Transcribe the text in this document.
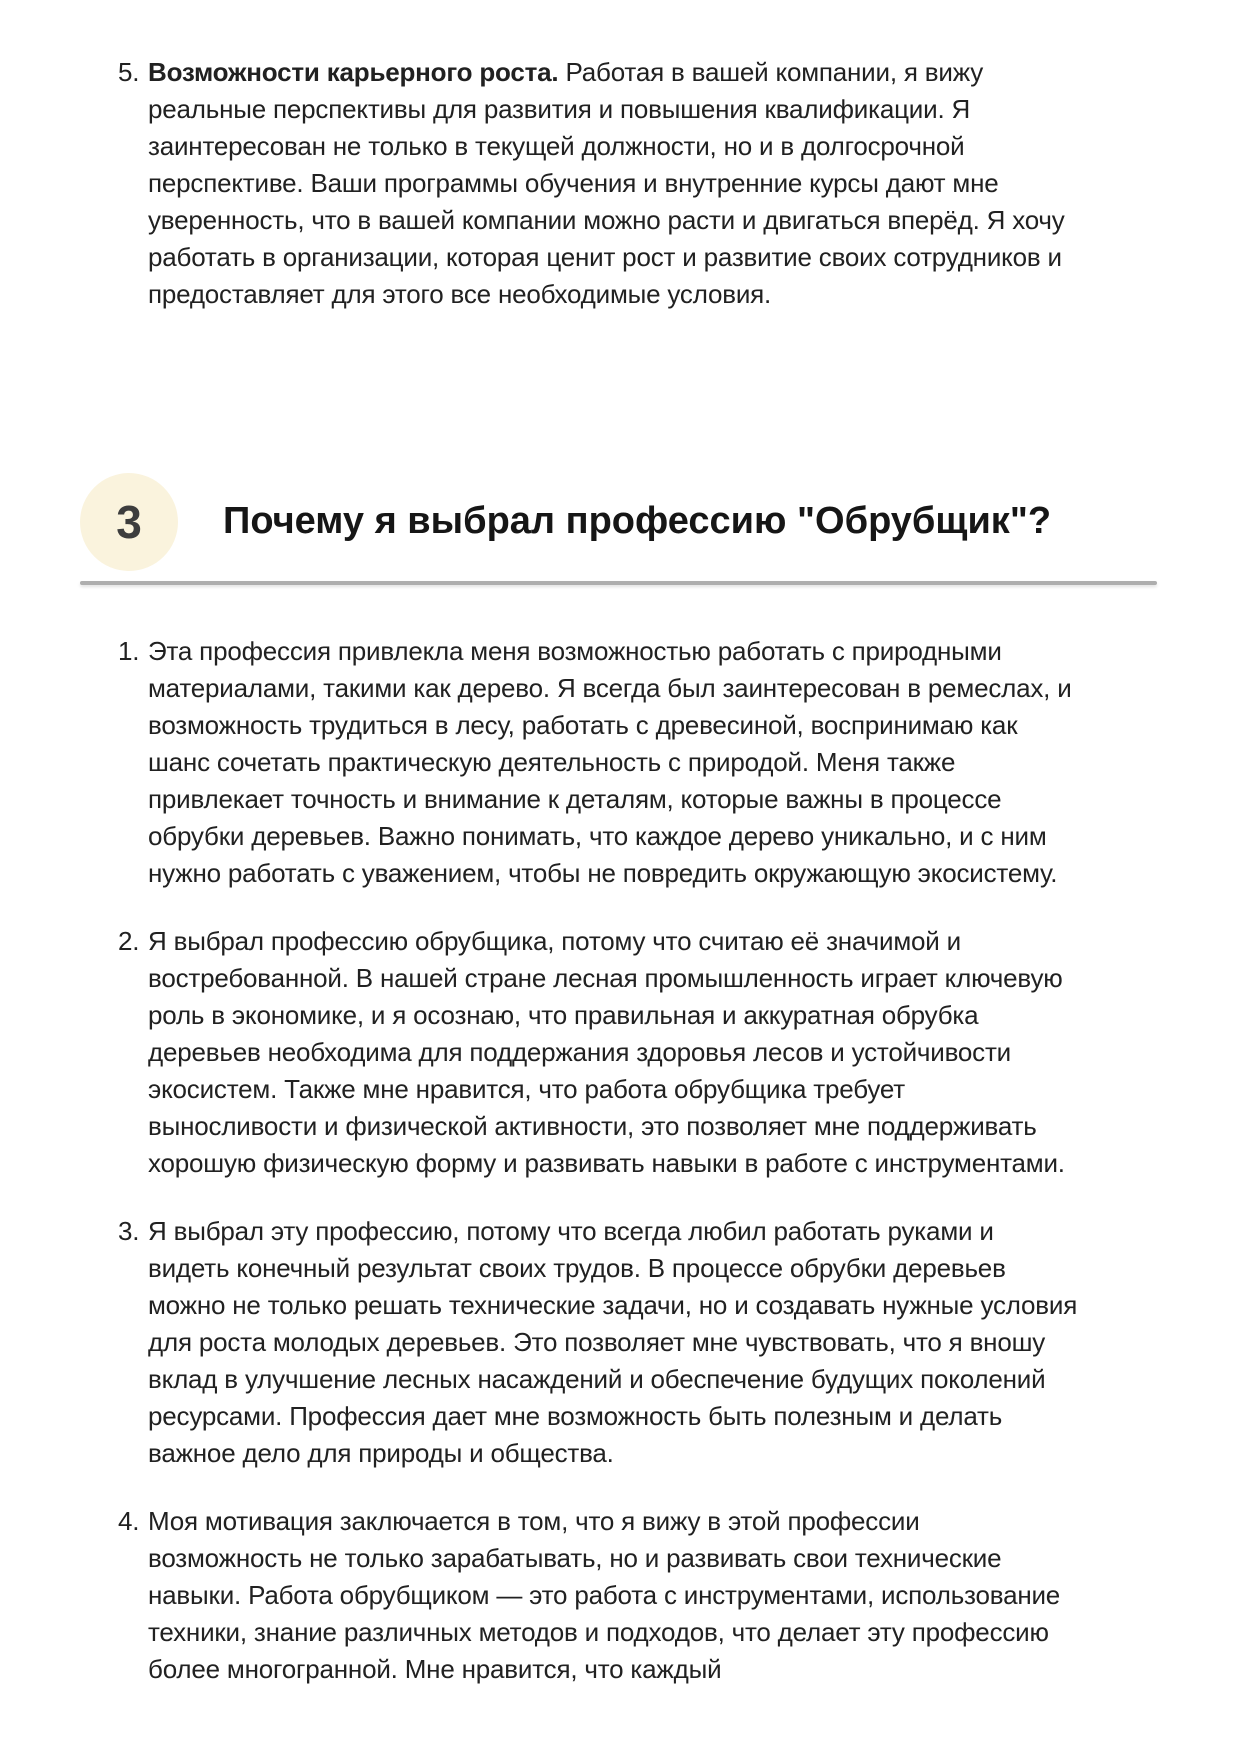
5. Возможности карьерного роста. Работая в вашей компании, я вижу реальные перспективы для развития и повышения квалификации. Я заинтересован не только в текущей должности, но и в долгосрочной перспективе. Ваши программы обучения и внутренние курсы дают мне уверенность, что в вашей компании можно расти и двигаться вперёд. Я хочу работать в организации, которая ценит рост и развитие своих сотрудников и предоставляет для этого все необходимые условия.

3 Почему я выбрал профессию "Обрубщик"?
1. Эта профессия привлекла меня возможностью работать с природными материалами, такими как дерево. Я всегда был заинтересован в ремеслах, и возможность трудиться в лесу, работать с древесиной, воспринимаю как шанс сочетать практическую деятельность с природой. Меня также привлекает точность и внимание к деталям, которые важны в процессе обрубки деревьев. Важно понимать, что каждое дерево уникально, и с ним нужно работать с уважением, чтобы не повредить окружающую экосистему.

2. Я выбрал профессию обрубщика, потому что считаю её значимой и востребованной. В нашей стране лесная промышленность играет ключевую роль в экономике, и я осознаю, что правильная и аккуратная обрубка деревьев необходима для поддержания здоровья лесов и устойчивости экосистем. Также мне нравится, что работа обрубщика требует выносливости и физической активности, это позволяет мне поддерживать хорошую физическую форму и развивать навыки в работе с инструментами.

3. Я выбрал эту профессию, потому что всегда любил работать руками и видеть конечный результат своих трудов. В процессе обрубки деревьев можно не только решать технические задачи, но и создавать нужные условия для роста молодых деревьев. Это позволяет мне чувствовать, что я вношу вклад в улучшение лесных насаждений и обеспечение будущих поколений ресурсами. Профессия дает мне возможность быть полезным и делать важное дело для природы и общества.

4. Моя мотивация заключается в том, что я вижу в этой профессии возможность не только зарабатывать, но и развивать свои технические навыки. Работа обрубщиком — это работа с инструментами, использование техники, знание различных методов и подходов, что делает эту профессию более многогранной. Мне нравится, что каждый
